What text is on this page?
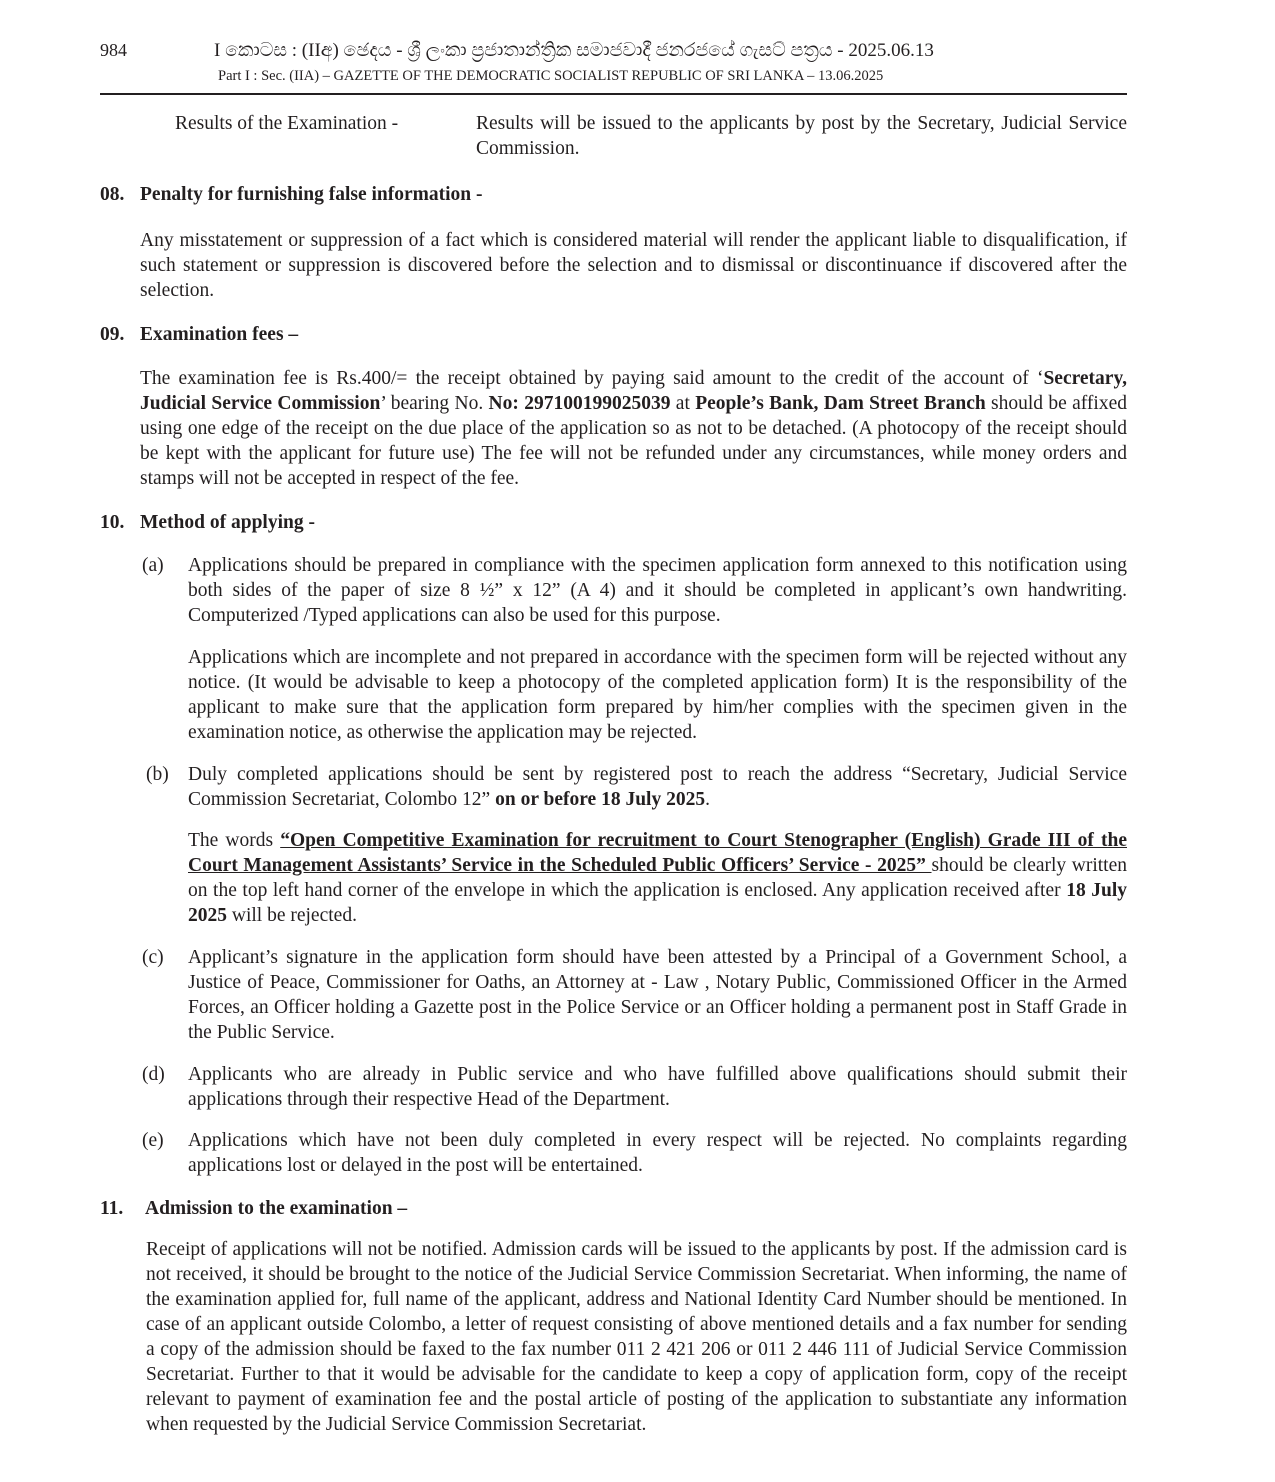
984	I කොටස : (IIඅ) ඡෙදය - ශ්‍රී ලංකා ප්‍රජාතාන්ත්‍රික සමාජවාදී ජනරජයේ ගැසට් පත්‍රය - 2025.06.13
Part I : Sec. (IIA) – GAZETTE OF THE DEMOCRATIC SOCIALIST REPUBLIC OF SRI LANKA – 13.06.2025
Results of the Examination -	Results will be issued to the applicants by post by the Secretary, Judicial Service Commission.
08. Penalty for furnishing false information -
Any misstatement or suppression of a fact which is considered material will render the applicant liable to disqualification, if such statement or suppression is discovered before the selection and to dismissal or discontinuance if discovered after the selection.
09. Examination fees –
The examination fee is Rs.400/= the receipt obtained by paying said amount to the credit of the account of ‘Secretary, Judicial Service Commission’ bearing No. No: 297100199025039 at People’s Bank, Dam Street Branch should be affixed using one edge of the receipt on the due place of the application so as not to be detached. (A photocopy of the receipt should be kept with the applicant for future use) The fee will not be refunded under any circumstances, while money orders and stamps will not be accepted in respect of the fee.
10. Method of applying -
(a) Applications should be prepared in compliance with the specimen application form annexed to this notification using both sides of the paper of size 8 ½” x 12” (A 4) and it should be completed in applicant’s own handwriting. Computerized /Typed applications can also be used for this purpose.
Applications which are incomplete and not prepared in accordance with the specimen form will be rejected without any notice. (It would be advisable to keep a photocopy of the completed application form) It is the responsibility of the applicant to make sure that the application form prepared by him/her complies with the specimen given in the examination notice, as otherwise the application may be rejected.
(b) Duly completed applications should be sent by registered post to reach the address “Secretary, Judicial Service Commission Secretariat, Colombo 12” on or before 18 July 2025.
The words “Open Competitive Examination for recruitment to Court Stenographer (English) Grade III of the Court Management Assistants’ Service in the Scheduled Public Officers’ Service - 2025” should be clearly written on the top left hand corner of the envelope in which the application is enclosed. Any application received after 18 July 2025 will be rejected.
(c) Applicant’s signature in the application form should have been attested by a Principal of a Government School, a Justice of Peace, Commissioner for Oaths, an Attorney at - Law , Notary Public, Commissioned Officer in the Armed Forces, an Officer holding a Gazette post in the Police Service or an Officer holding a permanent post in Staff Grade in the Public Service.
(d) Applicants who are already in Public service and who have fulfilled above qualifications should submit their applications through their respective Head of the Department.
(e) Applications which have not been duly completed in every respect will be rejected. No complaints regarding applications lost or delayed in the post will be entertained.
11. Admission to the examination –
Receipt of applications will not be notified. Admission cards will be issued to the applicants by post. If the admission card is not received, it should be brought to the notice of the Judicial Service Commission Secretariat. When informing, the name of the examination applied for, full name of the applicant, address and National Identity Card Number should be mentioned. In case of an applicant outside Colombo, a letter of request consisting of above mentioned details and a fax number for sending a copy of the admission should be faxed to the fax number 011 2 421 206 or 011 2 446 111 of Judicial Service Commission Secretariat. Further to that it would be advisable for the candidate to keep a copy of application form, copy of the receipt relevant to payment of examination fee and the postal article of posting of the application to substantiate any information when requested by the Judicial Service Commission Secretariat.
